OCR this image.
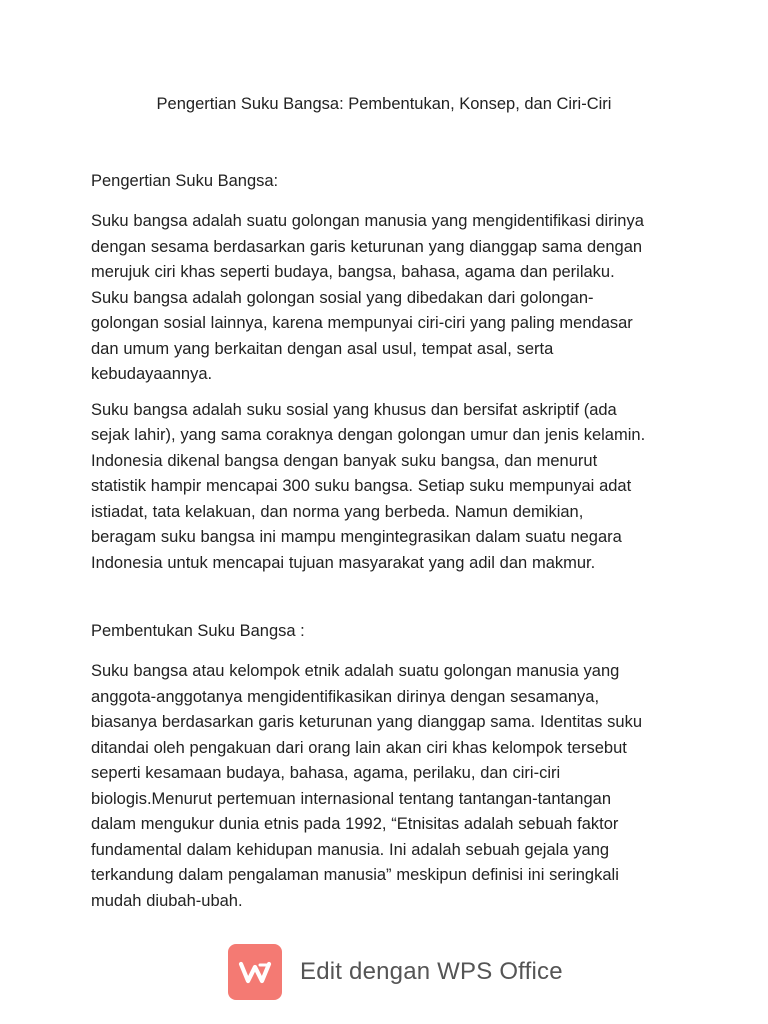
Pengertian Suku Bangsa: Pembentukan, Konsep, dan Ciri-Ciri
Pengertian Suku Bangsa:
Suku bangsa adalah suatu golongan manusia yang mengidentifikasi dirinya
dengan sesama berdasarkan garis keturunan yang dianggap sama dengan
merujuk ciri khas seperti budaya, bangsa, bahasa, agama dan perilaku.
Suku bangsa adalah golongan sosial yang dibedakan dari golongan-
golongan sosial lainnya, karena mempunyai ciri-ciri yang paling mendasar
dan umum yang berkaitan dengan asal usul, tempat asal, serta
kebudayaannya.
Suku bangsa adalah suku sosial yang khusus dan bersifat askriptif (ada
sejak lahir), yang sama coraknya dengan golongan umur dan jenis kelamin.
Indonesia dikenal bangsa dengan banyak suku bangsa, dan menurut
statistik hampir mencapai 300 suku bangsa. Setiap suku mempunyai adat
istiadat, tata kelakuan, dan norma yang berbeda. Namun demikian,
beragam suku bangsa ini mampu mengintegrasikan dalam suatu negara
Indonesia untuk mencapai tujuan masyarakat yang adil dan makmur.
Pembentukan Suku Bangsa :
Suku bangsa atau kelompok etnik adalah suatu golongan manusia yang
anggota-anggotanya mengidentifikasikan dirinya dengan sesamanya,
biasanya berdasarkan garis keturunan yang dianggap sama. Identitas suku
ditandai oleh pengakuan dari orang lain akan ciri khas kelompok tersebut
seperti kesamaan budaya, bahasa, agama, perilaku, dan ciri-ciri
biologis.Menurut pertemuan internasional tentang tantangan-tantangan
dalam mengukur dunia etnis pada 1992, “Etnisitas adalah sebuah faktor
fundamental dalam kehidupan manusia. Ini adalah sebuah gejala yang
terkandung dalam pengalaman manusia” meskipun definisi ini seringkali
mudah diubah-ubah.
Edit dengan WPS Office
